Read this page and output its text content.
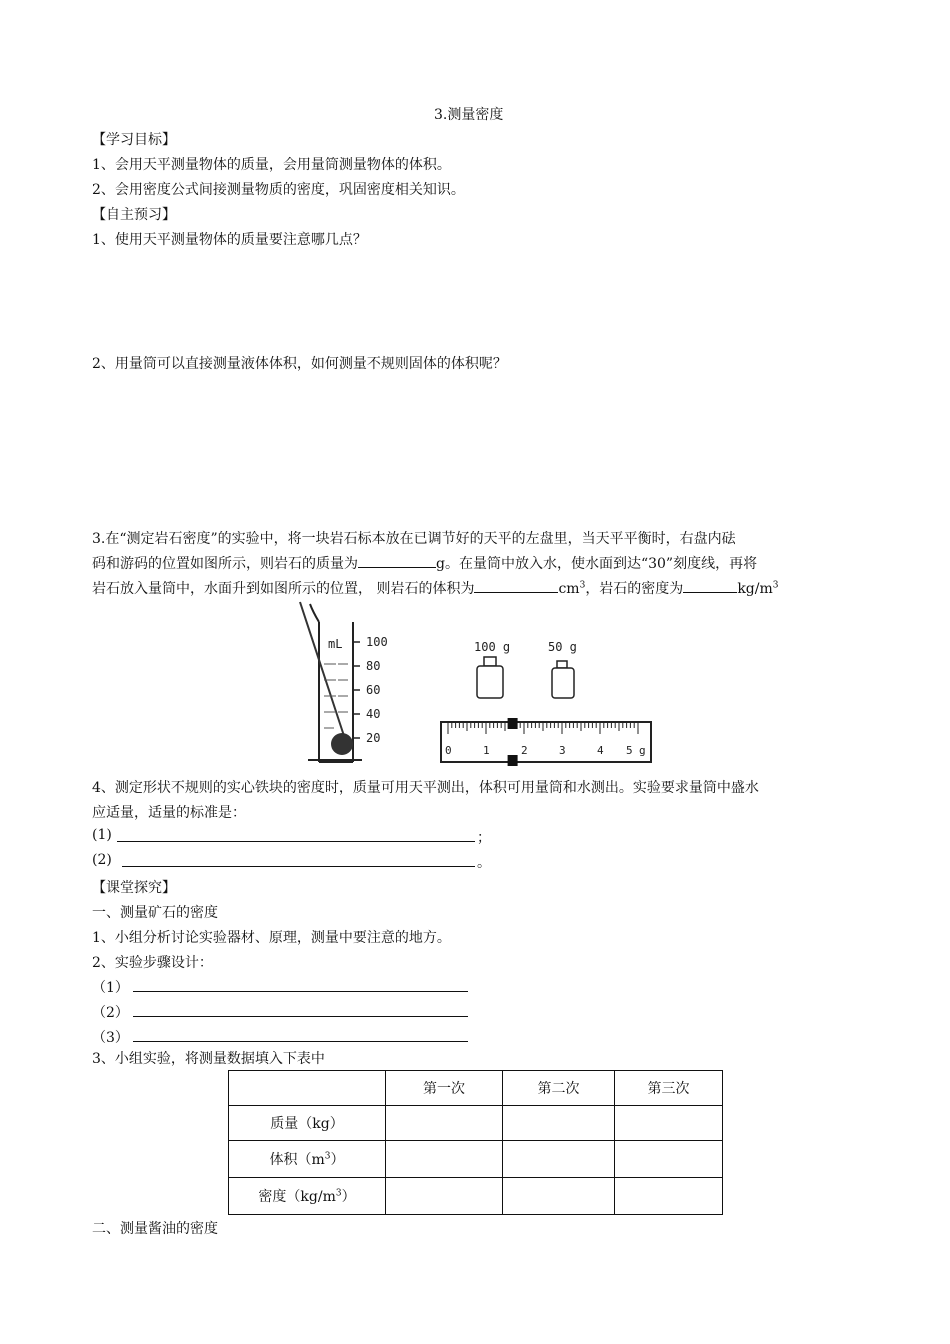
3.测量密度
【学习目标】
1、会用天平测量物体的质量，会用量筒测量物体的体积。
2、会用密度公式间接测量物质的密度，巩固密度相关知识。
【自主预习】
1、使用天平测量物体的质量要注意哪几点？
2、用量筒可以直接测量液体体积，如何测量不规则固体的体积呢？
3.在“测定岩石密度”的实验中，将一块岩石标本放在已调节好的天平的左盘里，当天平平衡时，右盘内砝
码和游码的位置如图所示，则岩石的质量为	g。在量筒中放入水，使水面到达“30”刻度线，再将
岩石放入量筒中，水面升到如图所示的位置， 则岩石的体积为	$cm^3$，岩石的密度为	$kg/m^3$
mL 100
80
60
40
20
100 g	50 g
0	1	2	3	4 5 g
4、测定形状不规则的实心铁块的密度时，质量可用天平测出，体积可用量筒和水测出。实验要求量筒中盛水
应适量，适量的标准是：
(1)	；
(2)	。
【课堂探究】
一、测量矿石的密度
1、小组分析讨论实验器材、原理，测量中要注意的地方。
2、实验步骤设计：
（1）
（2）
（3）
3、小组实验，将测量数据填入下表中
	第一次	第二次	第三次
质量（kg）			
体积$(m^3)$			
密度$(kg/m^3)$			
二、测量酱油的密度
